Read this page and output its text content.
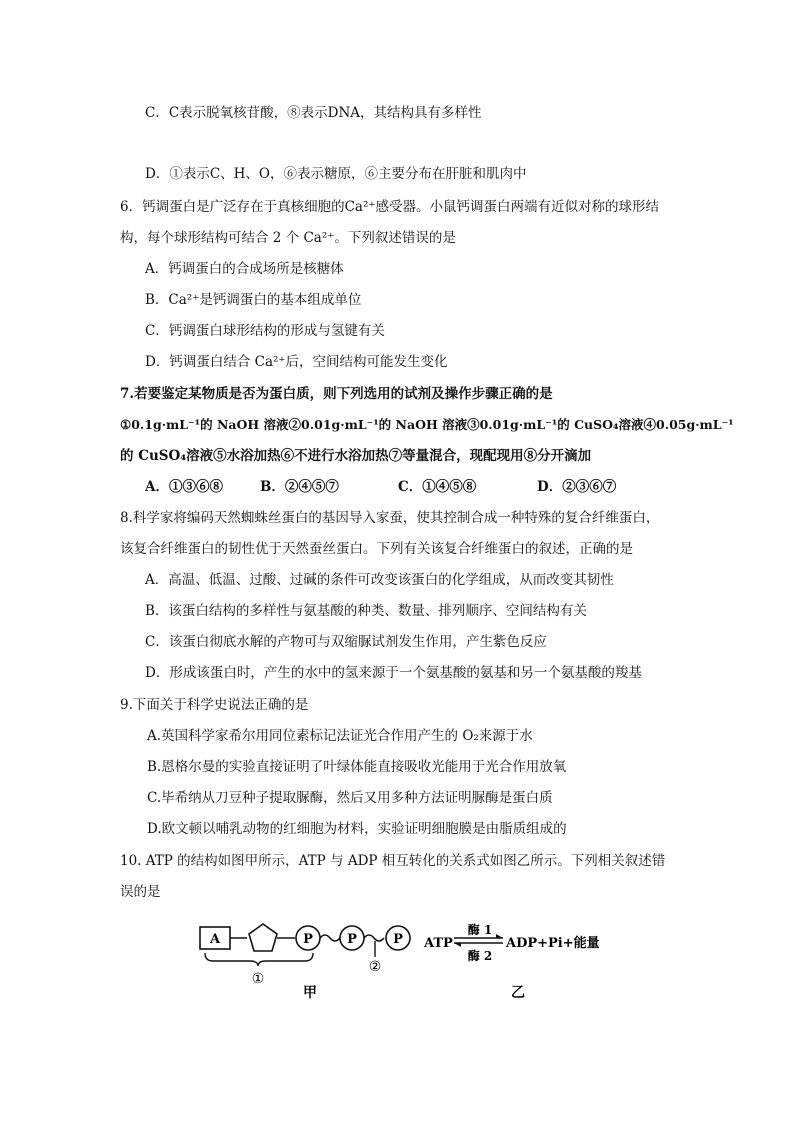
C．C表示脱氧核苷酸，⑧表示DNA，其结构具有多样性
D．①表示C、H、O，⑥表示糖原，⑥主要分布在肝脏和肌肉中
6．钙调蛋白是广泛存在于真核细胞的Ca²⁺感受器。小鼠钙调蛋白两端有近似对称的球形结
构，每个球形结构可结合 2 个 Ca²⁺。下列叙述错误的是
A．钙调蛋白的合成场所是核糖体
B．Ca²⁺是钙调蛋白的基本组成单位
C．钙调蛋白球形结构的形成与氢键有关
D．钙调蛋白结合 Ca²⁺后，空间结构可能发生变化
7.若要鉴定某物质是否为蛋白质，则下列选用的试剂及操作步骤正确的是
①0.1g·mL⁻¹的 NaOH 溶液②0.01g·mL⁻¹的 NaOH 溶液③0.01g·mL⁻¹的 CuSO₄溶液④0.05g·mL⁻¹
的 CuSO₄溶液⑤水浴加热⑥不进行水浴加热⑦等量混合，现配现用⑧分开滴加
A．①③⑥⑧	B．②④⑤⑦	C．①④⑤⑧	D．②③⑥⑦
8.科学家将编码天然蜘蛛丝蛋白的基因导入家蚕，使其控制合成一种特殊的复合纤维蛋白，
该复合纤维蛋白的韧性优于天然蚕丝蛋白。下列有关该复合纤维蛋白的叙述，正确的是
A．高温、低温、过酸、过碱的条件可改变该蛋白的化学组成，从而改变其韧性
B．该蛋白结构的多样性与氨基酸的种类、数量、排列顺序、空间结构有关
C．该蛋白彻底水解的产物可与双缩脲试剂发生作用，产生紫色反应
D．形成该蛋白时，产生的水中的氢来源于一个氨基酸的氨基和另一个氨基酸的羧基
9.下面关于科学史说法正确的是
A.英国科学家希尔用同位素标记法证光合作用产生的 O₂来源于水
B.恩格尔曼的实验直接证明了叶绿体能直接吸收光能用于光合作用放氧
C.毕希纳从刀豆种子提取脲酶，然后又用多种方法证明脲酶是蛋白质
D.欧文顿以哺乳动物的红细胞为材料，实验证明细胞膜是由脂质组成的
10. ATP 的结构如图甲所示，ATP 与 ADP 相互转化的关系式如图乙所示。下列相关叙述错
误的是
A	P	P	P
①
②
甲
ATP
酶 1
酶 2
ADP+Pi+能量
乙
